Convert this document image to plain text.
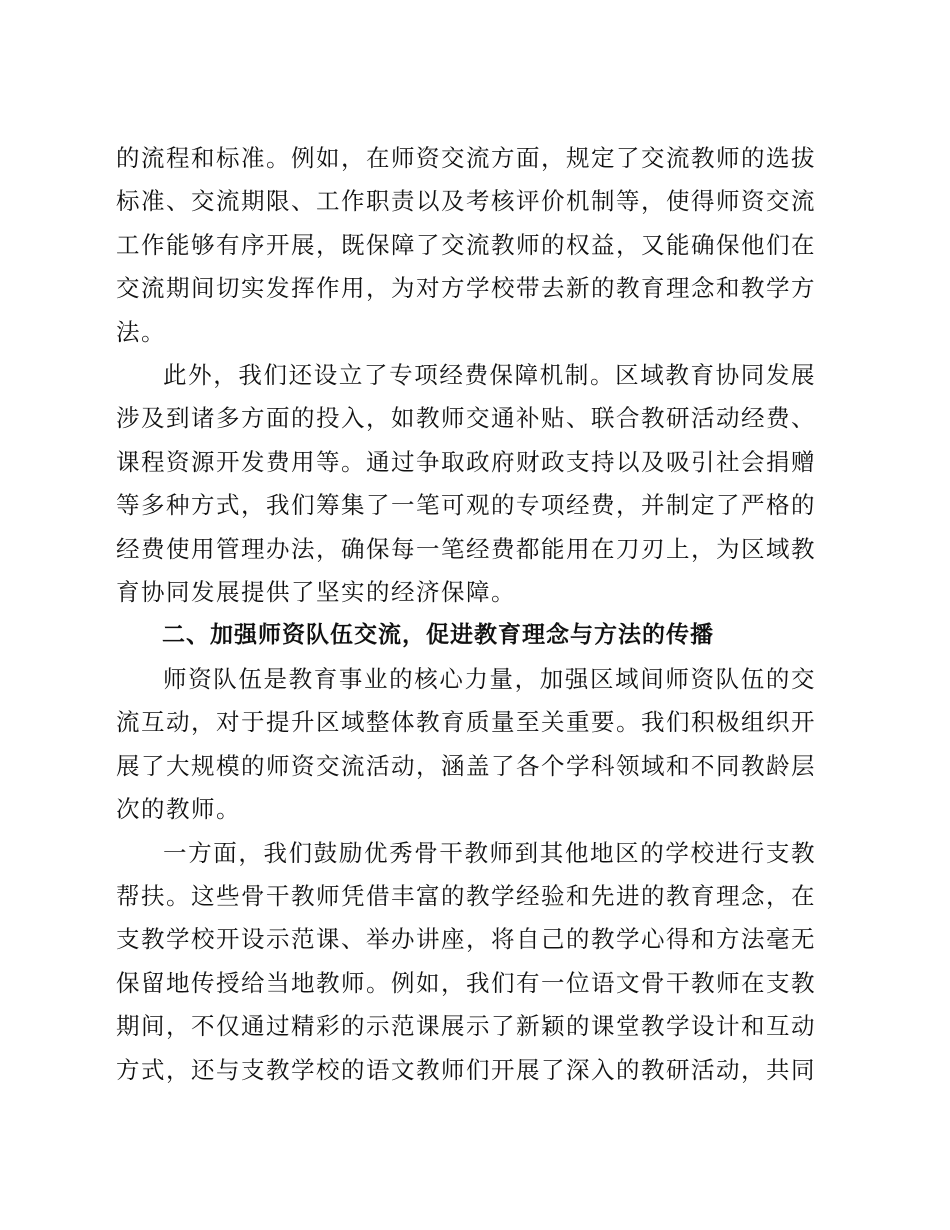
的流程和标准。例如，在师资交流方面，规定了交流教师的选拔标准、交流期限、工作职责以及考核评价机制等，使得师资交流工作能够有序开展，既保障了交流教师的权益，又能确保他们在交流期间切实发挥作用，为对方学校带去新的教育理念和教学方法。

此外，我们还设立了专项经费保障机制。区域教育协同发展涉及到诸多方面的投入，如教师交通补贴、联合教研活动经费、课程资源开发费用等。通过争取政府财政支持以及吸引社会捐赠等多种方式，我们筹集了一笔可观的专项经费，并制定了严格的经费使用管理办法，确保每一笔经费都能用在刀刃上，为区域教育协同发展提供了坚实的经济保障。

二、加强师资队伍交流，促进教育理念与方法的传播

师资队伍是教育事业的核心力量，加强区域间师资队伍的交流互动，对于提升区域整体教育质量至关重要。我们积极组织开展了大规模的师资交流活动，涵盖了各个学科领域和不同教龄层次的教师。

一方面，我们鼓励优秀骨干教师到其他地区的学校进行支教帮扶。这些骨干教师凭借丰富的教学经验和先进的教育理念，在支教学校开设示范课、举办讲座，将自己的教学心得和方法毫无保留地传授给当地教师。例如，我们有一位语文骨干教师在支教期间，不仅通过精彩的示范课展示了新颖的课堂教学设计和互动方式，还与支教学校的语文教师们开展了深入的教研活动，共同
